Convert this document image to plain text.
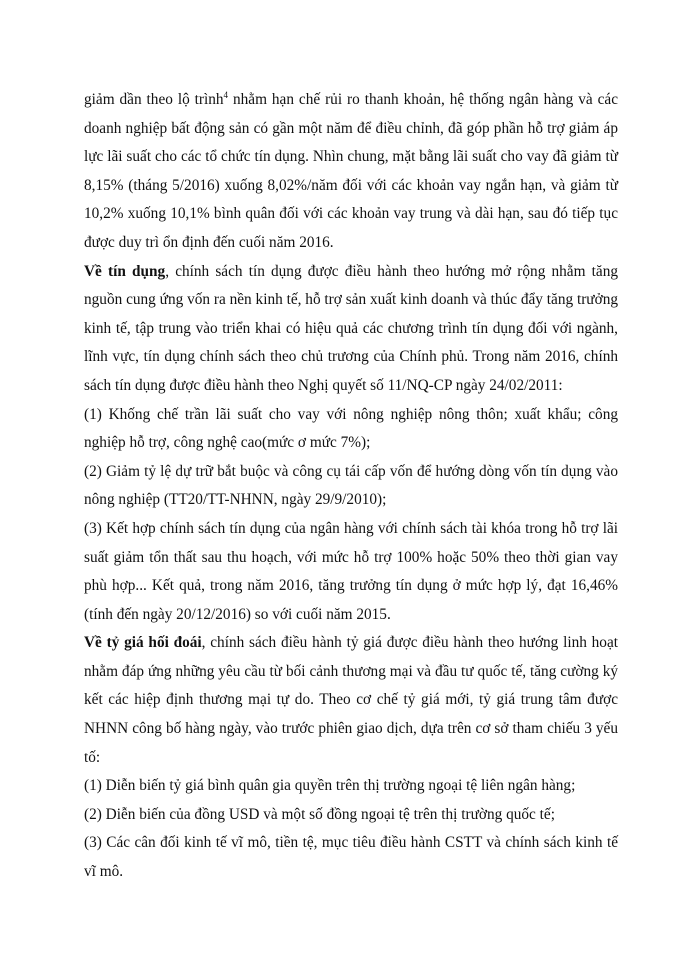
giảm dần theo lộ trình$^4$ nhằm hạn chế rủi ro thanh khoản, hệ thống ngân hàng và các doanh nghiệp bất động sản có gần một năm để điều chỉnh, đã góp phần hỗ trợ giảm áp lực lãi suất cho các tổ chức tín dụng. Nhìn chung, mặt bằng lãi suất cho vay đã giảm từ 8,15% (tháng 5/2016) xuống 8,02%/năm đối với các khoản vay ngắn hạn, và giảm từ 10,2% xuống 10,1% bình quân đối với các khoản vay trung và dài hạn, sau đó tiếp tục được duy trì ổn định đến cuối năm 2016.

Về tín dụng, chính sách tín dụng được điều hành theo hướng mở rộng nhằm tăng nguồn cung ứng vốn ra nền kinh tế, hỗ trợ sản xuất kinh doanh và thúc đẩy tăng trưởng kinh tế, tập trung vào triển khai có hiệu quả các chương trình tín dụng đối với ngành, lĩnh vực, tín dụng chính sách theo chủ trương của Chính phủ. Trong năm 2016, chính sách tín dụng được điều hành theo Nghị quyết số 11/NQ-CP ngày 24/02/2011:

(1) Khống chế trần lãi suất cho vay với nông nghiệp nông thôn; xuất khẩu; công nghiệp hỗ trợ, công nghệ cao(mức ơ mức 7%);

(2) Giảm tỷ lệ dự trữ bắt buộc và công cụ tái cấp vốn để hướng dòng vốn tín dụng vào nông nghiệp (TT20/TT-NHNN, ngày 29/9/2010);

(3) Kết hợp chính sách tín dụng của ngân hàng với chính sách tài khóa trong hỗ trợ lãi suất giảm tổn thất sau thu hoạch, với mức hỗ trợ 100% hoặc 50% theo thời gian vay phù hợp... Kết quả, trong năm 2016, tăng trưởng tín dụng ở mức hợp lý, đạt 16,46% (tính đến ngày 20/12/2016) so với cuối năm 2015.

Về tỷ giá hối đoái, chính sách điều hành tỷ giá được điều hành theo hướng linh hoạt nhằm đáp ứng những yêu cầu từ bối cảnh thương mại và đầu tư quốc tế, tăng cường ký kết các hiệp định thương mại tự do. Theo cơ chế tỷ giá mới, tỷ giá trung tâm được NHNN công bố hàng ngày, vào trước phiên giao dịch, dựa trên cơ sở tham chiếu 3 yếu tố:

(1) Diễn biến tỷ giá bình quân gia quyền trên thị trường ngoại tệ liên ngân hàng;

(2) Diễn biến của đồng USD và một số đồng ngoại tệ trên thị trường quốc tế;

(3) Các cân đối kinh tế vĩ mô, tiền tệ, mục tiêu điều hành CSTT và chính sách kinh tế vĩ mô.
